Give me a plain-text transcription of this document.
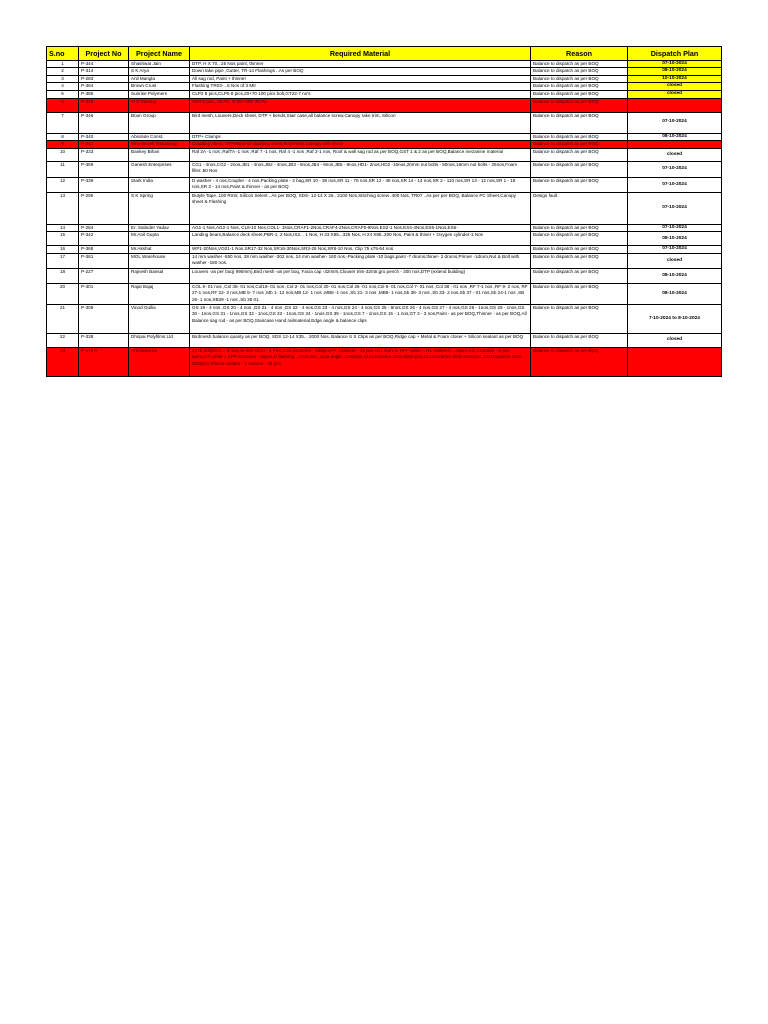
S.no	Project No	Project Name	Required Material	Reason	Dispatch Plan
1	P-344	Shashwat Jain	DTP, H X 70.. 25 Nos paint, thinner	Balance to dispatch as per BOQ	07-10-2024
2	P-314	S K Arya	Down take pipe ,Gutter, TR-14 Flashings ..As per BOQ	Balance to dispatch as per BOQ	08-10-2024
3	P-283	Anil Mangla	All sag rod, Paint + thinner	Balance to dispatch as per BOQ	10-10-2024
4	P-364	Brown Crust	Flashing TR03-...5 Nos of 3 Mtr	Balance to dispatch as per BOQ	closed
5	P-385	Sunrise Polymers	CLP2 8 pics,CLP5 8 pics,20+70 100 pics bolt,GT22-7 no's	Balance to dispatch as per BOQ	closed
6	P-318	M S Casting	Vent 6 pics, 15 Pic, 8 SD+50K 25 Pic	Balance to dispatch as per BOQ	
7	P-346	Boun Group	Bird mesh, Louvers,Deck sheet, DTP + bends,Stair case,all balance screw,Canopy rake trim, Silicon	Balance to dispatch as per BOQ	07-10-2024
8	P-340	Absolute Const.	DTP+ Clamps	Balance to dispatch as per BOQ	08-10-2024
9	P-341	Wheelswell (Mandeep)	Cladding sheet, DTP,Material cladding sheet,Bird mesh,Canopy with sheet	Balance to dispatch as per BOQ	
10	P-333	Bankey Bihari	Raf 3A -1 nos ,RafTA -1 nos ,Raf 7 -1 nos, Raf 4 -1 nos ,Raf 2-1 nos, Roof & wall sag rod as per BOQ,GST 1 & 2 as per BOQ,Balance mezanine material	Balance to dispatch as per BOQ	closed
11	P-359	Ganesh Enterprises	CG1 - 4nos,CG2 - 2nos,JB1 - 4nos,JB2 - 4nos,JB3 - 6nos,JB4 - 8nos,JB5 - 8nos,HD1- 2nos,HD2 -16nos,20mm nut bolts - 50nos,16mm nut bolts - 25nos,Foam filler..50 Nos	Balance to dispatch as per BOQ	07-10-2024
12	P-339	Stark India	D washer - 4 nos,Coupler - 4 nos,Packing plate - 2 bag,SR 10 - 38 nos,SR 11 - 76 nos,SR 12 - 48 nos,SR 14 - 14 nos,SR 2 - 110 nos,SR 13 - 12 nos,SR 1 - 18 nos,SR 3 - 14 nos,Paint & thinner - as per BOQ	Balance to dispatch as per BOQ	07-10-2024
13	P-295	S K Spring	Butyle Tape..100 Rmtr, Silicon Selent ..As per BOQ, SDS- 12-14 X 25.. 2100 Nos,Stitching screw .400 Nos, TR07 ..As per per BOQ, Balance PC Sheet,Canopy sheet & Flashing	Design fault	07-10-2024
14	P-284	Er. Satinder Yadav	AG1-1 Nos,AG2-1 Nos, CL8-10 Nos,COL1- 1Nos,CRAF1-2Nos,CRAF4-2Nos,CRAF5-6Nos,ES2-1 Nos,ES4-4Nos,ES5-1Nos,ES6-	Balance to dispatch as per BOQ	07-10-2024
15	P-342	Mr.Anil Gupta	Landing beam,Balance deck sheet,PBR-1, 2 Nos,IS2... 1 Nos, H 33 X85...325 Nos, H 24 X85..200 Nos, Paint & thiner + Oxygen cylinder-1 Nos	Balance to dispatch as per BOQ	08-10-2024
16	P-368	Mr.Akshat	WP1-20Nos,VG01-1 Nos,SR17-32 Nos,SR16-30Nos,SR3-25 Nos,SR8-10 Nos, Clip 75 x75-64 nos	Balance to dispatch as per BOQ	07-10-2024
17	P-381	MGL Warehouse	14 mm washer -550 nos, 28 mm washer -302 nos, 24 mm washer- 160 nos,-Packing plate -10 bags,paint -7 drums,thiner- 2 drums,Primer -1drum,Nut & Bolt with washer -180 nos.	Balance to dispatch as per BOQ	closed
18	P-227	Rajnesh Bansal	Louvers -as per boq( 990mm),Bird mesh -as per boq, Facia cap -32mtrs,Clouser trim-32mtr,gro pench - 300 nos,DTP (extend building)	Balance to dispatch as per BOQ	08-10-2024
20	P-301	Rajat Bajaj	COL 5- 01 nos ,Col 35- 01 nos,Col19- 01 nos ,Col 2- 01 nos,Col 30- 01 nos,Col 26 -01 nos,Col 6- 01 nos,Col 7- 01 nos ,Col 38 - 01 nos ,RF 7-1 nos ,RF 9- 2 nos, RF 27-1 nos,RF 22- 2 nos,MB 5- 7 nos ,Mb 1- 12 nos,MB 12- 1 nos ,MB8 -1 nos ,Sb 21- 3 nos ,MB6- 1 nos,Sb 38- 3 nos ,Sb 33- 2 nos,Sb 37 - 01 nos,Sb 24-1 nos ,SB 25- 1 nos,SB39 -1 nos ,Sb 35 01	Balance to dispatch as per BOQ	08-10-2024
21	P-309	Vinod Gullia	GS 19 - 4 nos ,GS 20 - 4 nos ,GS 21 - 4 nos ,GS 22 - 4 nos,GS 23 - 4 nos,GS 24 - 4 nos,GS 25 - 8nos,GS 26 - 4 nos,GS 27 - 4 nos,GS 28 - 1nos,GS 29 - 1nos,GS 30 - 1nos,GS 31 - 1nos,GS 32 - 1nos,GS 33 - 1nos,GS 34 - 1nos,GS 35 - 1nos,GS 7 - 1nos,GS 15 - 1 nos,GT 3 - 3 nos,Paint - as per BOQ,Thinner - as per BOQ,All Balance sag rod - as per BOQ,Staircase Hand railmaterial,Edge angle & balance clips	Balance to dispatch as per BOQ	7-10-2024 to 8-10-2024
22	P-338	Dhripai Polyfilms Ltd	Birdmesh balance quanty as per BOQ, SDS 12-14 X35... 2000 Nos, Balance S S Clips as per BOQ,Ridge cap + Metal & Foam closer + Silicon sealant as per BOQ	Balance to dispatch as per BOQ	closed
23	P-178 A	Anil Bukerna	3175 drill(SDS... 8 nos,Air.400 Ohm - 3 Pics,CS1-4000mm - 200pcs,FF 4115mm - 39 pcs AB1 Galv in RPF white = R1-3560mm...30pcs,AB-2100mm - 6 pcs sams,DT white + SPP-3250mm - 16pcs,D flashing...1000mm...Gala angle..1000mm,14x14x55mm SDS-6000 pcs,12x18x25mm SDS-400Opcs,12x18x18mm SDS - 2000pcs,Silicon sealant - 2 cartons - 48 pcs	Balance to dispatch as per BOQ	
